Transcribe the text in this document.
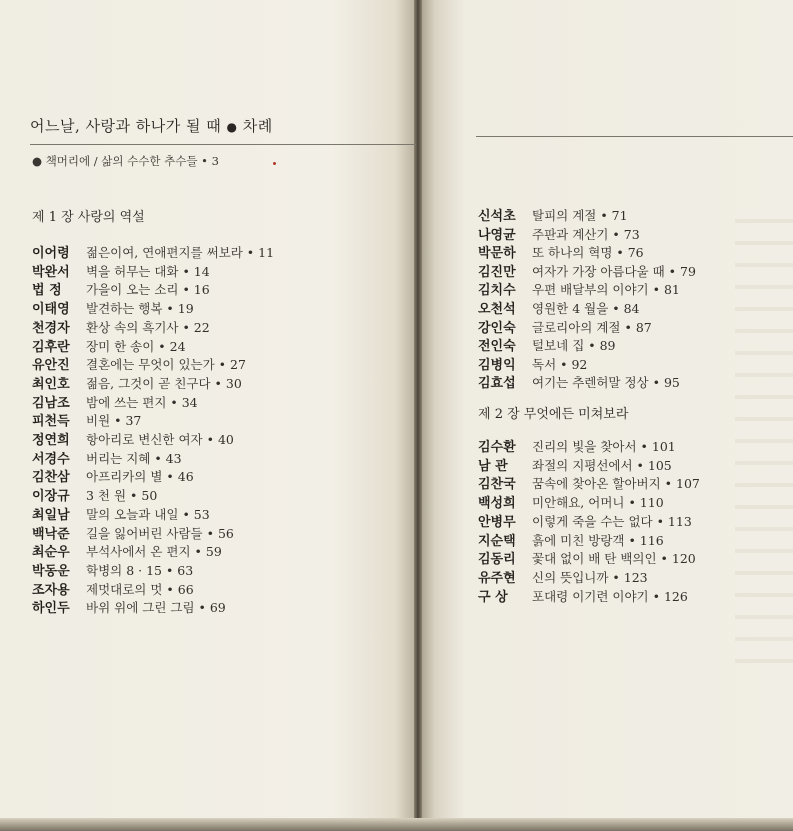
어느날, 사랑과 하나가 될 때 ● 차례
● 책머리에 / 삶의 수수한 추수들 • 3
제 1 장 사랑의 역설
이어령 젊은이여, 연애편지를 써보라 • 11
박완서 벽을 허무는 대화 • 14
법 정 가을이 오는 소리 • 16
이태영 발견하는 행복 • 19
천경자 환상 속의 흑기사 • 22
김후란 장미 한 송이 • 24
유안진 결혼에는 무엇이 있는가 • 27
최인호 젊음, 그것이 곧 친구다 • 30
김남조 밤에 쓰는 편지 • 34
피천득 비원 • 37
정연희 항아리로 변신한 여자 • 40
서경수 버리는 지혜 • 43
김찬삼 아프리카의 별 • 46
이장규 3 천 원 • 50
최일남 말의 오늘과 내일 • 53
백낙준 길을 잃어버린 사람들 • 56
최순우 부석사에서 온 편지 • 59
박동운 학병의 8 · 15 • 63
조자용 제멋대로의 멋 • 66
하인두 바위 위에 그린 그림 • 69
신석초 탈피의 계절 • 71
나영균 주판과 계산기 • 73
박문하 또 하나의 혁명 • 76
김진만 여자가 가장 아름다울 때 • 79
김치수 우편 배달부의 이야기 • 81
오천석 영원한 4 월을 • 84
강인숙 글로리아의 계절 • 87
전인숙 털보네 집 • 89
김병익 독서 • 92
김효섭 여기는 추렌허말 정상 • 95
제 2 장 무엇에든 미쳐보라
김수환 진리의 빛을 찾아서 • 101
남 관 좌절의 지평선에서 • 105
김찬국 꿈속에 찾아온 할아버지 • 107
백성희 미안해요, 어머니 • 110
안병무 이렇게 죽을 수는 없다 • 113
지순택 흙에 미친 방랑객 • 116
김동리 꽃대 없이 배 탄 백의인 • 120
유주현 신의 뜻입니까 • 123
구 상 포대령 이기련 이야기 • 126
